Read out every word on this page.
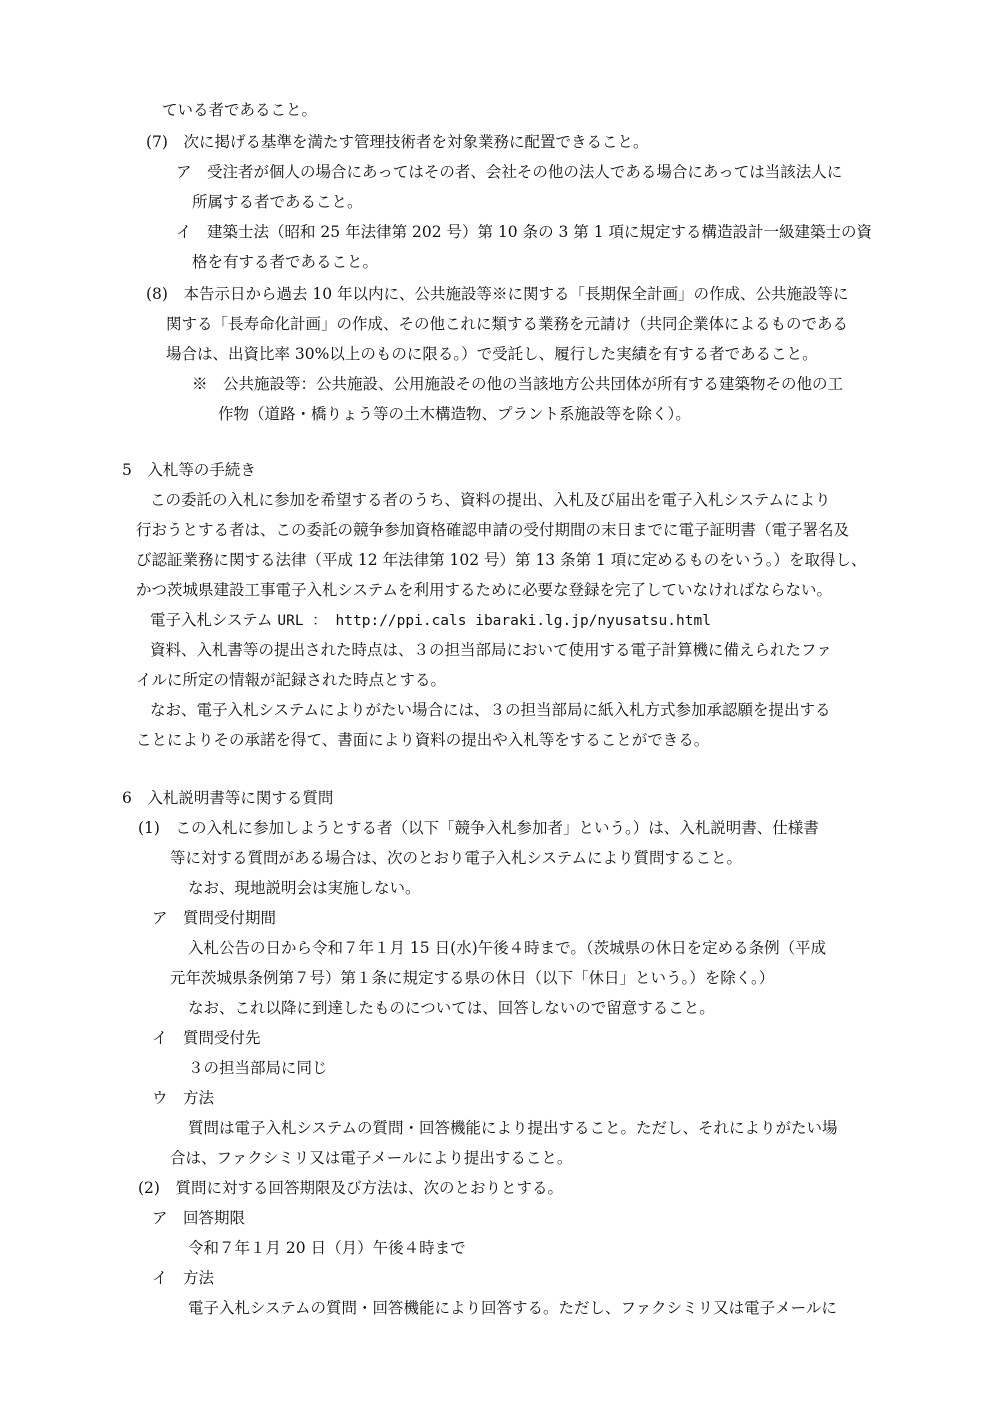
ている者であること。
(7)　次に掲げる基準を満たす管理技術者を対象業務に配置できること。
ア　受注者が個人の場合にあってはその者、会社その他の法人である場合にあっては当該法人に
所属する者であること。
イ　建築士法（昭和 25 年法律第 202 号）第 10 条の 3 第 1 項に規定する構造設計一級建築士の資
格を有する者であること。
(8)　本告示日から過去 10 年以内に、公共施設等※に関する「長期保全計画」の作成、公共施設等に
関する「長寿命化計画」の作成、その他これに類する業務を元請け（共同企業体によるものである
場合は、出資比率 30%以上のものに限る。）で受託し、履行した実績を有する者であること。
※　公共施設等：公共施設、公用施設その他の当該地方公共団体が所有する建築物その他の工
作物（道路・橋りょう等の土木構造物、プラント系施設等を除く）。
5　入札等の手続き
この委託の入札に参加を希望する者のうち、資料の提出、入札及び届出を電子入札システムにより
行おうとする者は、この委託の競争参加資格確認申請の受付期間の末日までに電子証明書（電子署名及
び認証業務に関する法律（平成 12 年法律第 102 号）第 13 条第 1 項に定めるものをいう。）を取得し、
かつ茨城県建設工事電子入札システムを利用するために必要な登録を完了していなければならない。
電子入札システム URL ： http://ppi.cals ibaraki.lg.jp/nyusatsu.html
資料、入札書等の提出された時点は、３の担当部局において使用する電子計算機に備えられたファ
イルに所定の情報が記録された時点とする。
なお、電子入札システムによりがたい場合には、３の担当部局に紙入札方式参加承認願を提出する
ことによりその承諾を得て、書面により資料の提出や入札等をすることができる。
6　入札説明書等に関する質問
(1)　この入札に参加しようとする者（以下「競争入札参加者」という。）は、入札説明書、仕様書
等に対する質問がある場合は、次のとおり電子入札システムにより質問すること。
なお、現地説明会は実施しない。
ア　質問受付期間
入札公告の日から令和７年１月 15 日(水)午後４時まで。（茨城県の休日を定める条例（平成
元年茨城県条例第７号）第１条に規定する県の休日（以下「休日」という。）を除く。）
なお、これ以降に到達したものについては、回答しないので留意すること。
イ　質問受付先
３の担当部局に同じ
ウ　方法
質問は電子入札システムの質問・回答機能により提出すること。ただし、それによりがたい場
合は、ファクシミリ又は電子メールにより提出すること。
(2)　質問に対する回答期限及び方法は、次のとおりとする。
ア　回答期限
令和７年１月 20 日（月）午後４時まで
イ　方法
電子入札システムの質問・回答機能により回答する。ただし、ファクシミリ又は電子メールに
